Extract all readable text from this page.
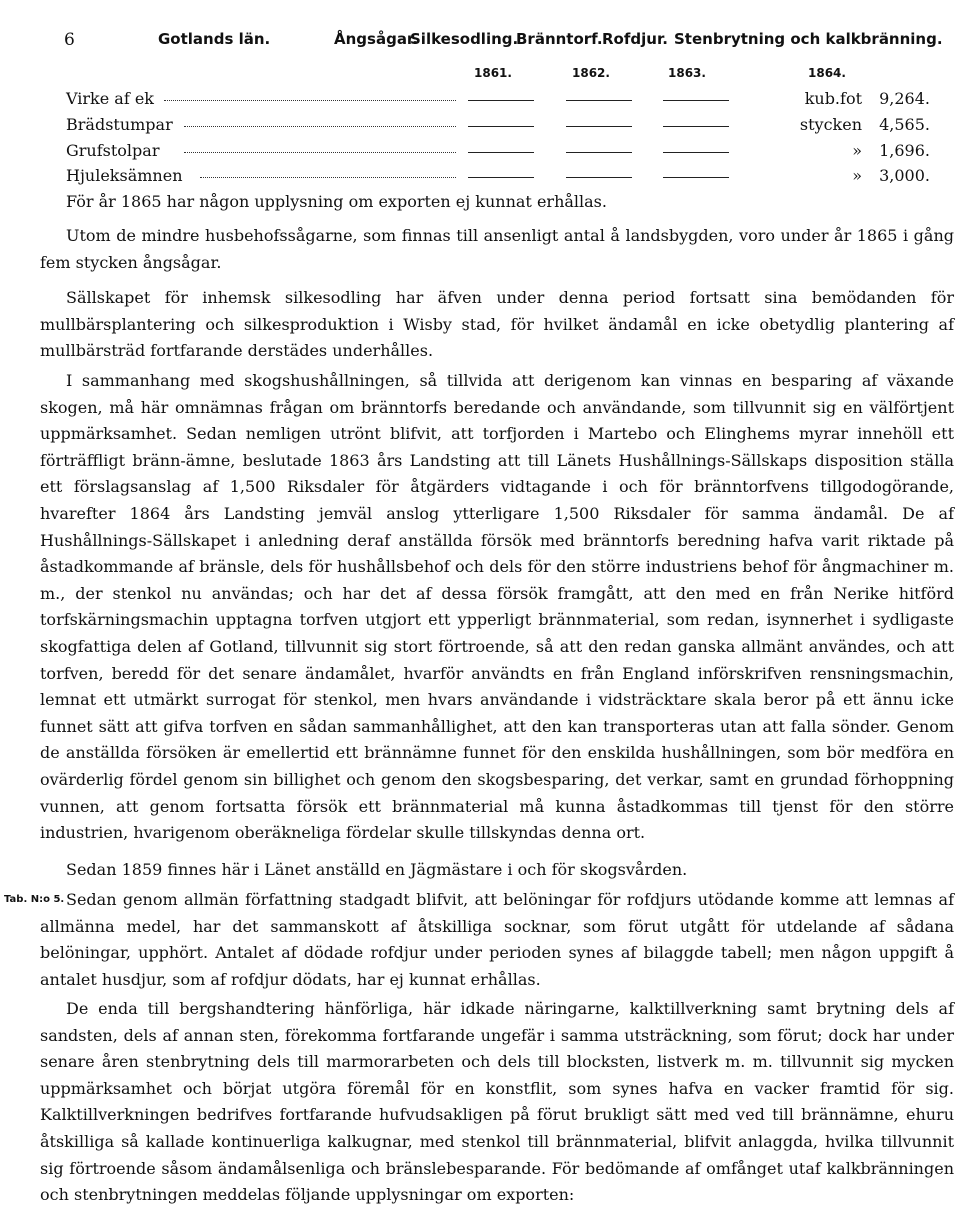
6	Gotlands län.	Ångsågar.
Silkesodling.
Bränntorf. Rofdjur. Stenbrytning och kalkbränning.
1861.	1862.	1863.	1864.
Virke af ek	kub.fot 9,264.
Brädstumpar	stycken 4,565.
Grufstolpar	» 1,696.
Hjuleksämnen	» 3,000.
För år 1865 har någon upplysning om exporten ej kunnat erhållas.

Utom de mindre husbehofssågarne, som finnas till ansenligt antal å landsbygden, voro under år 1865 i gång fem stycken ångsågar.

Sällskapet för inhemsk silkesodling har äfven under denna period fortsatt sina bemödanden för mullbärsplantering och silkesproduktion i Wisby stad, för hvilket ändamål en icke obetydlig plantering af mullbärsträd fortfarande derstädes underhålles.

I sammanhang med skogshushållningen, så tillvida att derigenom kan vinnas en besparing af växande skogen, må här omnämnas frågan om bränntorfs beredande och användande, som tillvunnit sig en välförtjent uppmärksamhet. Sedan nemligen utrönt blifvit, att torfjorden i Martebo och Elinghems myrar innehöll ett förträffligt bränn-ämne, beslutade 1863 års Landsting att till Länets Hushållnings-Sällskaps disposition ställa ett förslagsanslag af 1,500 Riksdaler för åtgärders vidtagande i och för bränntorfvens tillgodogörande, hvarefter 1864 års Landsting jemväl anslog ytterligare 1,500 Riksdaler för samma ändamål. De af Hushållnings-Sällskapet i anledning deraf anställda försök med bränntorfs beredning hafva varit riktade på åstadkommande af bränsle, dels för hushållsbehof och dels för den större industriens behof för ångmachiner m. m., der stenkol nu användas; och har det af dessa försök framgått, att den med en från Nerike hitförd torfskärningsmachin upptagna torfven utgjort ett ypperligt brännmaterial, som redan, isynnerhet i sydligaste skogfattiga delen af Gotland, tillvunnit sig stort förtroende, så att den redan ganska allmänt användes, och att torfven, beredd för det senare ändamålet, hvarför användts en från England införskrifven rensningsmachin, lemnat ett utmärkt surrogat för stenkol, men hvars användande i vidsträcktare skala beror på ett ännu icke funnet sätt att gifva torfven en sådan sammanhållighet, att den kan transporteras utan att falla sönder. Genom de anställda försöken är emellertid ett brännämne funnet för den enskilda hushållningen, som bör medföra en ovärderlig fördel genom sin billighet och genom den skogsbesparing, det verkar, samt en grundad förhoppning vunnen, att genom fortsatta försök ett brännmaterial må kunna åstadkommas till tjenst för den större industrien, hvarigenom oberäkneliga fördelar skulle tillskyndas denna ort.

Sedan 1859 finnes här i Länet anställd en Jägmästare i och för skogsvården.

Tab. N:o 5. Sedan genom allmän författning stadgadt blifvit, att belöningar för rofdjurs utödande komme att lemnas af allmänna medel, har det sammanskott af åtskilliga socknar, som förut utgått för utdelande af sådana belöningar, upphört. Antalet af dödade rofdjur under perioden synes af bilaggde tabell; men någon uppgift å antalet husdjur, som af rofdjur dödats, har ej kunnat erhållas.

De enda till bergshandtering hänförliga, här idkade näringarne, kalktillverkning samt brytning dels af sandsten, dels af annan sten, förekomma fortfarande ungefär i samma utsträckning, som förut; dock har under senare åren stenbrytning dels till marmorarbeten och dels till blocksten, listverk m. m. tillvunnit sig mycken uppmärksamhet och börjat utgöra föremål för en konstflit, som synes hafva en vacker framtid för sig. Kalktillverkningen bedrifves fortfarande hufvudsakligen på förut brukligt sätt med ved till brännämne, ehuru åtskilliga så kallade kontinuerliga kalkugnar, med stenkol till brännmaterial, blifvit anlaggda, hvilka tillvunnit sig förtroende såsom ändamålsenliga och bränslebesparande. För bedömande af omfånget utaf kalkbränningen och stenbrytningen meddelas följande upplysningar om exporten:
